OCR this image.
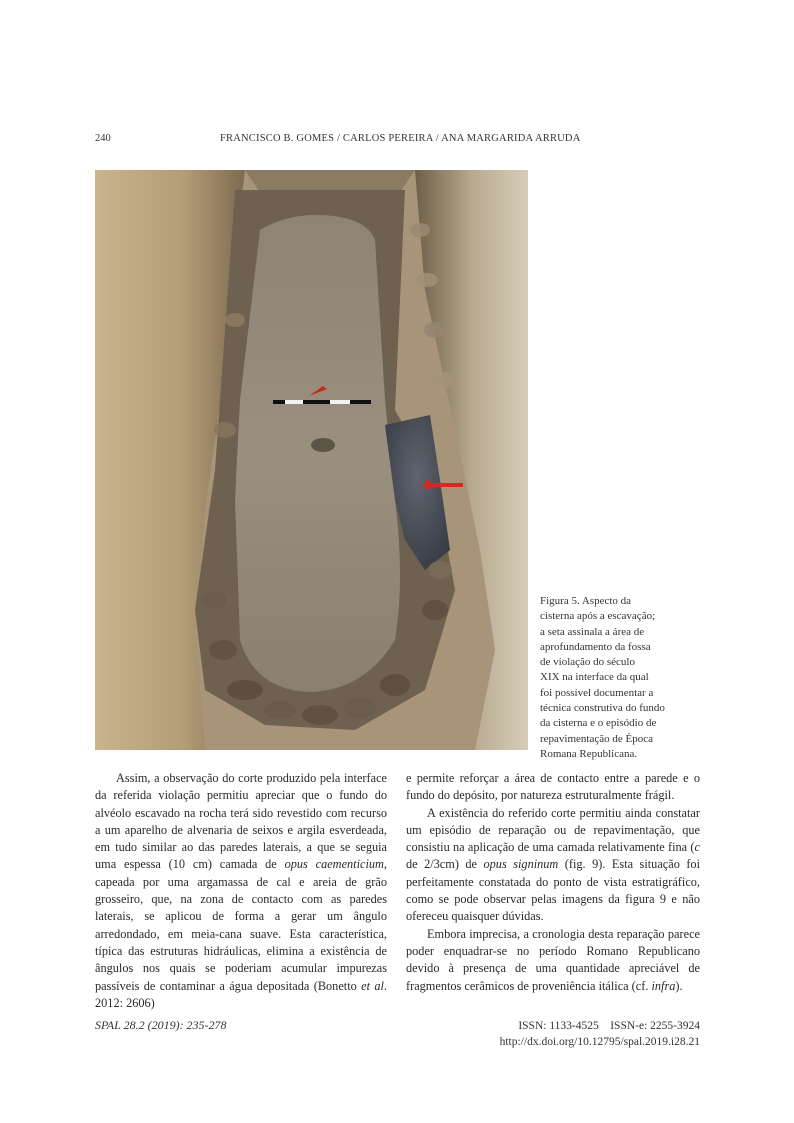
240	FRANCISCO B. GOMES / CARLOS PEREIRA / ANA MARGARIDA ARRUDA
Figura 5. Aspecto da
cisterna após a escavação;
a seta assinala a área de
aprofundamento da fossa
de violação do século
XIX na interface da qual
foi possível documentar a
técnica construtiva do fundo
da cisterna e o episódio de
repavimentação de Época
Romana Republicana.

Assim, a observação do corte produzido pela interface da referida violação permitiu apreciar que o fundo do alvéolo escavado na rocha terá sido revestido com recurso a um aparelho de alvenaria de seixos e argila esverdeada, em tudo similar ao das paredes laterais, a que se seguia uma espessa (10 cm) camada de opus caementicium, capeada por uma argamassa de cal e areia de grão grosseiro, que, na zona de contacto com as paredes laterais, se aplicou de forma a gerar um ângulo arredondado, em meia-cana suave. Esta característica, típica das estruturas hidráulicas, elimina a existência de ângulos nos quais se poderiam acumular impurezas passíveis de contaminar a água depositada (Bonetto et al. 2012: 2606)

e permite reforçar a área de contacto entre a parede e o fundo do depósito, por natureza estruturalmente frágil.

A existência do referido corte permitiu ainda constatar um episódio de reparação ou de repavimentação, que consistiu na aplicação de uma camada relativamente fina (c de 2/3cm) de opus signinum (fig. 9). Esta situação foi perfeitamente constatada do ponto de vista estratigráfico, como se pode observar pelas imagens da figura 9 e não ofereceu quaisquer dúvidas.

Embora imprecisa, a cronologia desta reparação parece poder enquadrar-se no período Romano Republicano devido à presença de uma quantidade apreciável de fragmentos cerâmicos de proveniência itálica (cf. infra).

SPAL 28.2 (2019): 235-278	ISSN: 1133-4525    ISSN-e: 2255-3924
http://dx.doi.org/10.12795/spal.2019.i28.21
